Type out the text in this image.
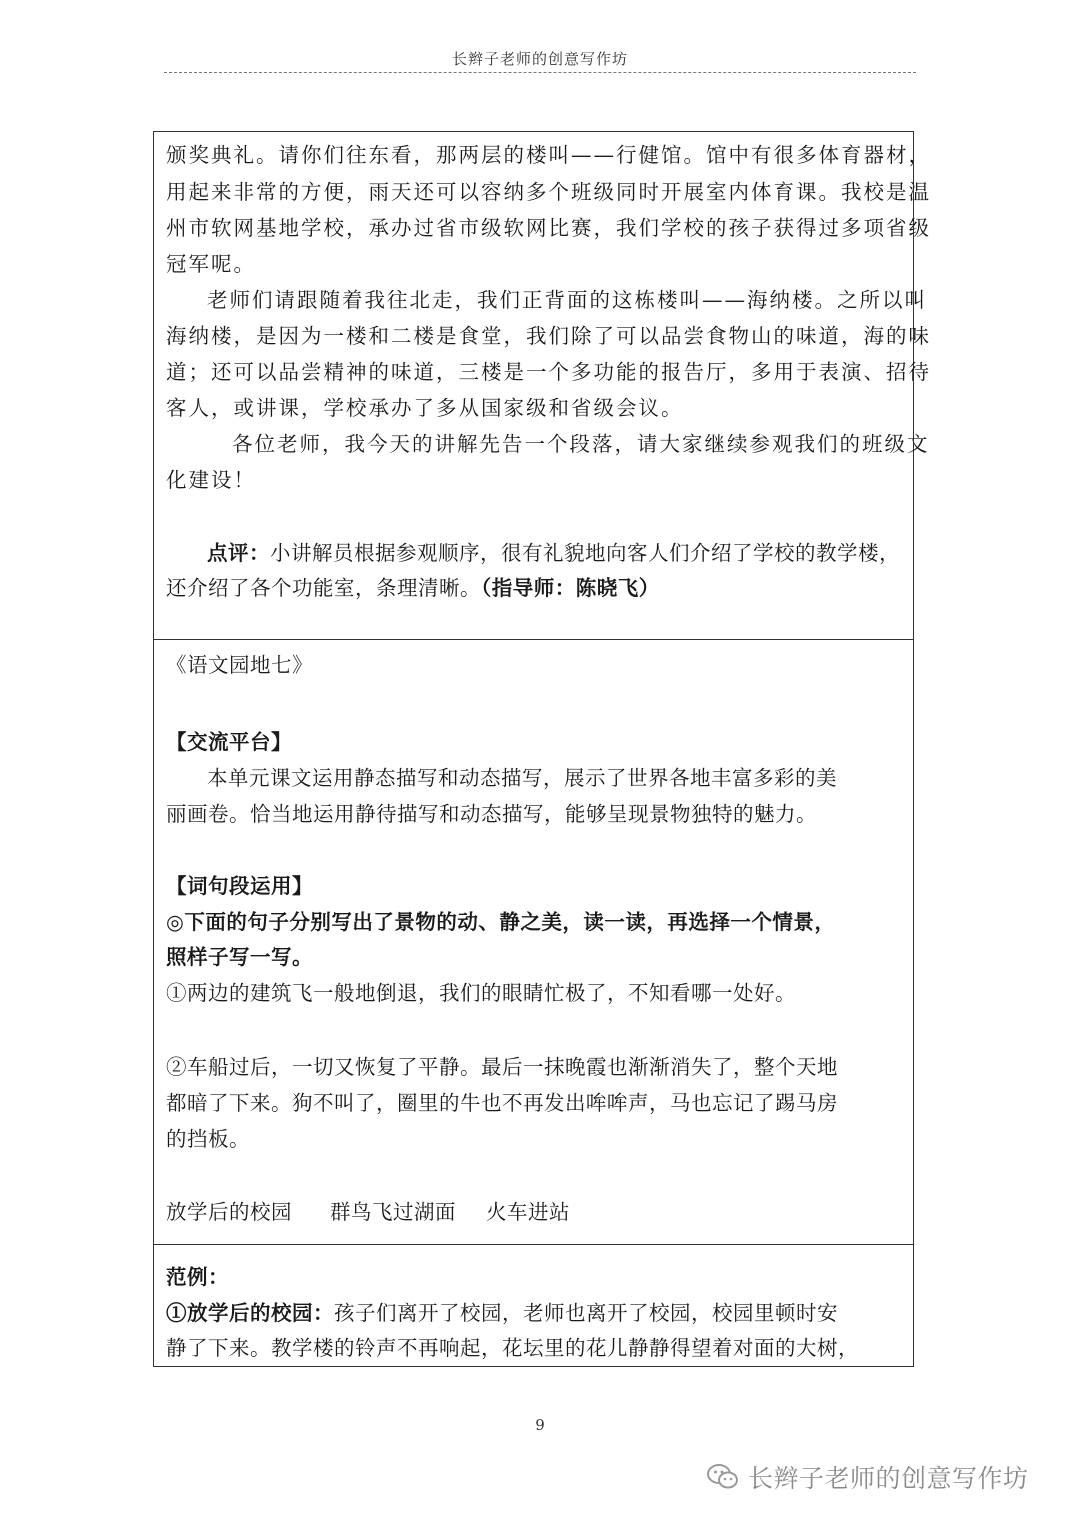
长辫子老师的创意写作坊
颁奖典礼。请你们往东看，那两层的楼叫——行健馆。馆中有很多体育器材，
用起来非常的方便，雨天还可以容纳多个班级同时开展室内体育课。我校是温
州市软网基地学校，承办过省市级软网比赛，我们学校的孩子获得过多项省级
冠军呢。
老师们请跟随着我往北走，我们正背面的这栋楼叫——海纳楼。之所以叫
海纳楼，是因为一楼和二楼是食堂，我们除了可以品尝食物山的味道，海的味
道；还可以品尝精神的味道，三楼是一个多功能的报告厅，多用于表演、招待
客人，或讲课，学校承办了多从国家级和省级会议。
各位老师，我今天的讲解先告一个段落，请大家继续参观我们的班级文
化建设！
点评：小讲解员根据参观顺序，很有礼貌地向客人们介绍了学校的教学楼，
还介绍了各个功能室，条理清晰。（指导师：陈晓飞）
《语文园地七》
【交流平台】
本单元课文运用静态描写和动态描写，展示了世界各地丰富多彩的美
丽画卷。恰当地运用静待描写和动态描写，能够呈现景物独特的魅力。
【词句段运用】
◎下面的句子分别写出了景物的动、静之美，读一读，再选择一个情景，
照样子写一写。
①两边的建筑飞一般地倒退，我们的眼睛忙极了，不知看哪一处好。
②车船过后，一切又恢复了平静。最后一抹晚霞也渐渐消失了，整个天地
都暗了下来。狗不叫了，圈里的牛也不再发出哞哞声，马也忘记了踢马房
的挡板。
放学后的校园 群鸟飞过湖面 火车进站
范例：
①放学后的校园：孩子们离开了校园，老师也离开了校园，校园里顿时安
静了下来。教学楼的铃声不再响起，花坛里的花儿静静得望着对面的大树，
9
长辫子老师的创意写作坊
